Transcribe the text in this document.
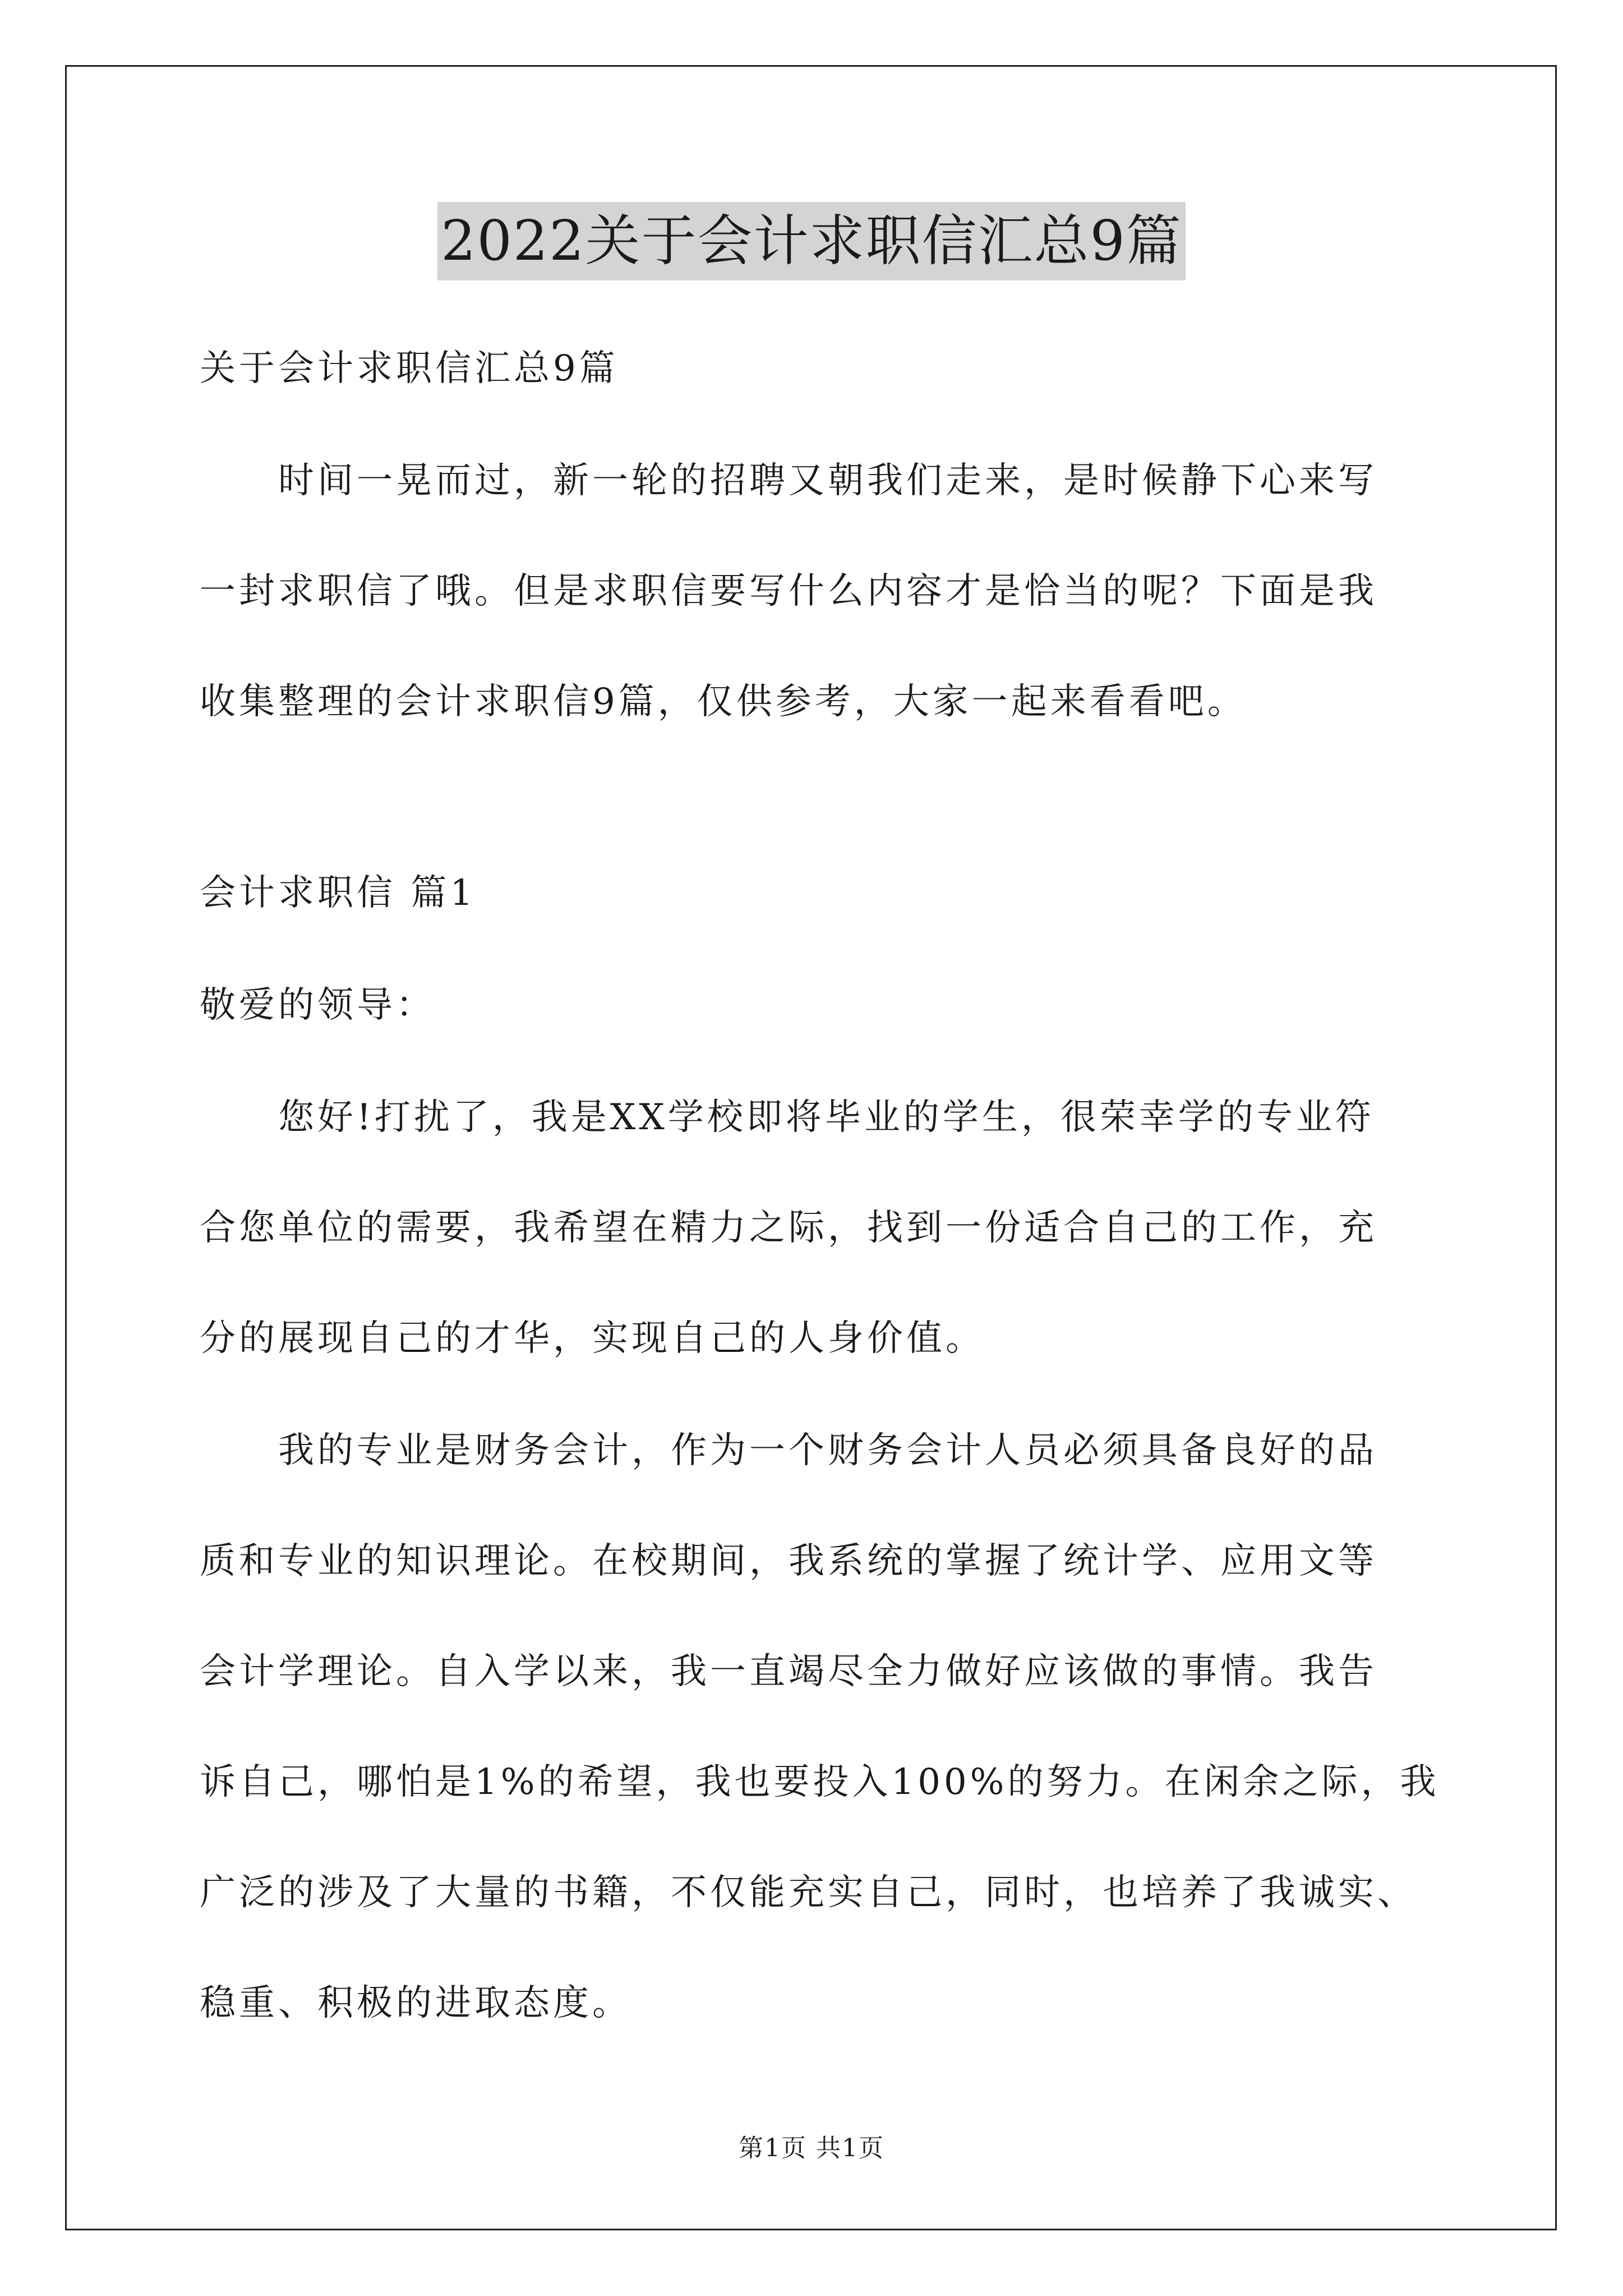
2022关于会计求职信汇总9篇

关于会计求职信汇总9篇

时间一晃而过，新一轮的招聘又朝我们走来，是时候静下心来写

一封求职信了哦。但是求职信要写什么内容才是恰当的呢？下面是我

收集整理的会计求职信9篇，仅供参考，大家一起来看看吧。

会计求职信 篇1

敬爱的领导：

您好!打扰了，我是XX学校即将毕业的学生，很荣幸学的专业符

合您单位的需要，我希望在精力之际，找到一份适合自己的工作，充

分的展现自己的才华，实现自己的人身价值。

我的专业是财务会计，作为一个财务会计人员必须具备良好的品

质和专业的知识理论。在校期间，我系统的掌握了统计学、应用文等

会计学理论。自入学以来，我一直竭尽全力做好应该做的事情。我告

诉自己，哪怕是1%的希望，我也要投入100%的努力。在闲余之际，我

广泛的涉及了大量的书籍，不仅能充实自己，同时，也培养了我诚实、

稳重、积极的进取态度。

第1页 共1页
